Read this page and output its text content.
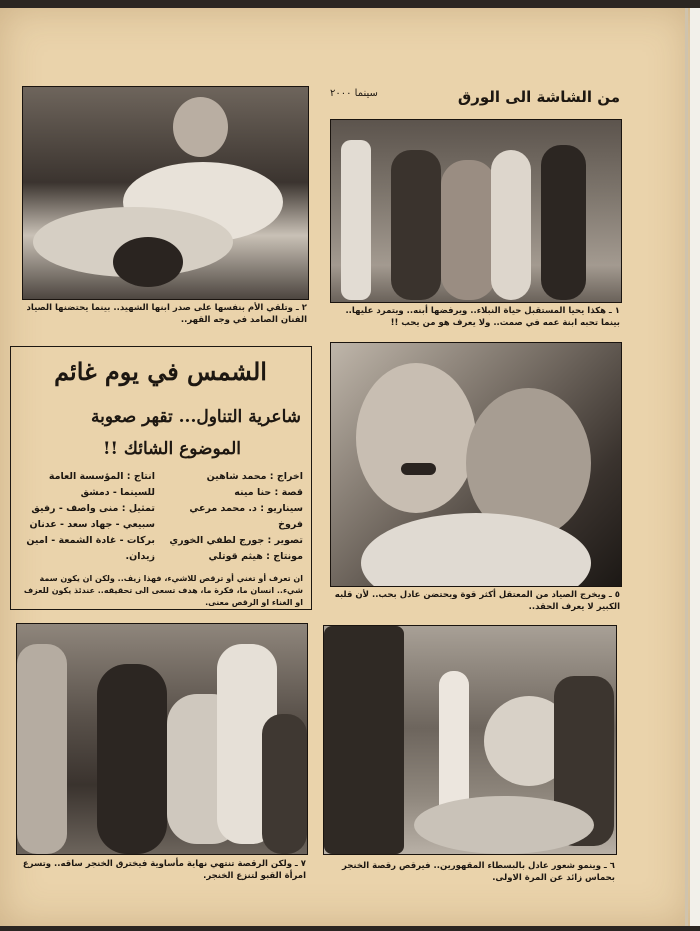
من الشاشة الى الورق
سينما ٢٠٠٠
٢ ـ وتلقي الأم بنفسها على صدر ابنها الشهيد.. بينما يحتضنها الصياد الفنان الصامد في وجه القهر..
١ ـ هكذا يحيا المستقبل حياة النبلاء.. ويرفضها أبنه.. ويتمرد عليها.. بينما تحبه ابنة عمه في صمت.. ولا يعرف هو من يحب !!
الشمس في يوم غائم
شاعرية التناول... تقهر صعوبة
الموضوع الشائك !!
اخراج : محمد شاهين
قصة : حنا مينه
سيناريو : د. محمد مرعي
فروخ
تصوير : جورج لطفي الخوري
مونتاج : هيثم قوتلي
انتاج : المؤسسة العامة
للسينما - دمشق
تمثيل : منى واصف - رفيق
سبيعي - جهاد سعد - عدنان
بركات - غادة الشمعة - امين
زيدان.
ان تعرف أو تغني أو ترقص للاشيء، فهذا زيف.. ولكن ان يكون سمة شيء.. انسان ما، فكرة ما، هدف تسعى الى تحقيقه.. عندئذ يكون للعزف او الغناء او الرقص معنى.
٥ ـ ويخرج الصياد من المعتقل أكثر قوة ويحتضن عادل بحب.. لأن قلبه الكبير لا يعرف الحقد..
٧ ـ ولكن الرقصة تنتهي نهاية مأساوية فيخترق الخنجر ساقه.. وتسرع امرأة القبو لتنزع الخنجر.
٦ ـ وينمو شعور عادل بالبسطاء المقهورين.. فيرقص رقصة الخنجر بحماس زائد عن المرة الاولى.
